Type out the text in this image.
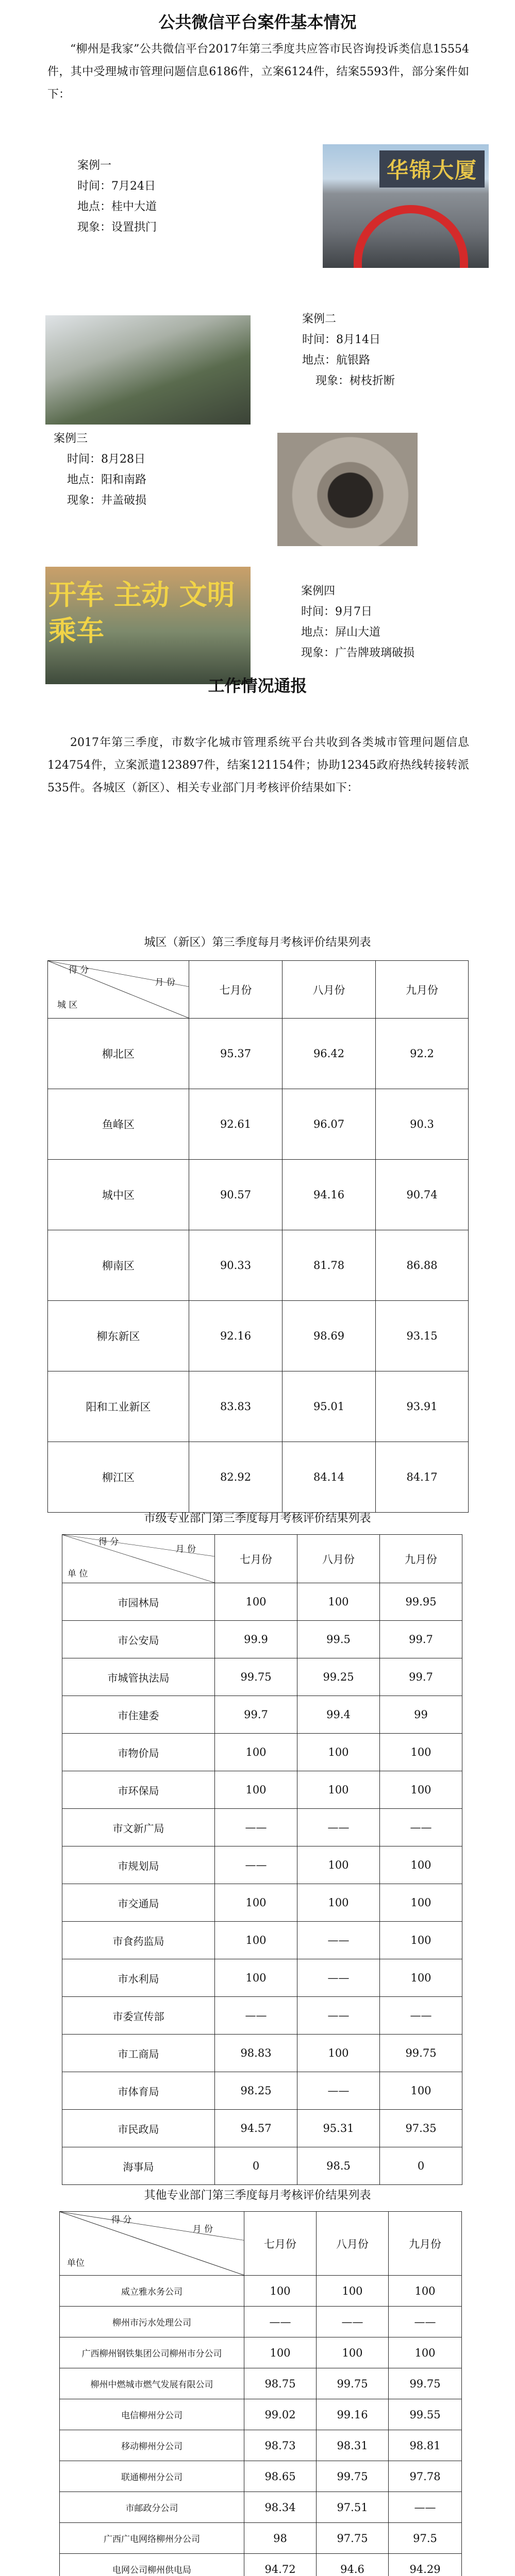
公共微信平台案件基本情况
“柳州是我家”公共微信平台2017年第三季度共应答市民咨询投诉类信息15554件，其中受理城市管理问题信息6186件，立案6124件，结案5593件，部分案件如下：
案例一
时间：7月24日
地点：桂中大道
现象：设置拱门
华锦大厦
案例二
时间：8月14日
地点：航银路
现象：树枝折断
案例三
时间：8月28日
地点：阳和南路
现象：井盖破损
开车 主动 文明 乘车
案例四
时间：9月7日
地点：屏山大道
现象：广告牌玻璃破损
工作情况通报
2017年第三季度，市数字化城市管理系统平台共收到各类城市管理问题信息124754件，立案派遣123897件，结案121154件；协助12345政府热线转接转派535件。各城区（新区）、相关专业部门月考核评价结果如下：
城区（新区）第三季度每月考核评价结果列表
得 分
月 份
城 区	七月份	八月份	九月份
柳北区	95.37	96.42	92.2
鱼峰区	92.61	96.07	90.3
城中区	90.57	94.16	90.74
柳南区	90.33	81.78	86.88
柳东新区	92.16	98.69	93.15
阳和工业新区	83.83	95.01	93.91
柳江区	82.92	84.14	84.17
市级专业部门第三季度每月考核评价结果列表
得 分
月 份
单 位	七月份	八月份	九月份
市园林局	100	100	99.95
市公安局	99.9	99.5	99.7
市城管执法局	99.75	99.25	99.7
市住建委	99.7	99.4	99
市物价局	100	100	100
市环保局	100	100	100
市文新广局	——	——	——
市规划局	——	100	100
市交通局	100	100	100
市食药监局	100	——	100
市水利局	100	——	100
市委宣传部	——	——	——
市工商局	98.83	100	99.75
市体育局	98.25	——	100
市民政局	94.57	95.31	97.35
海事局	0	98.5	0
其他专业部门第三季度每月考核评价结果列表
得 分
月 份
单位	七月份	八月份	九月份
威立雅水务公司	100	100	100
柳州市污水处理公司	——	——	——
广西柳州钢铁集团公司柳州市分公司	100	100	100
柳州中燃城市燃气发展有限公司	98.75	99.75	99.75
电信柳州分公司	99.02	99.16	99.55
移动柳州分公司	98.73	98.31	98.81
联通柳州分公司	98.65	99.75	97.78
市邮政分公司	98.34	97.51	——
广西广电网络柳州分公司	98	97.75	97.5
电网公司柳州供电局	94.72	94.6	94.29
